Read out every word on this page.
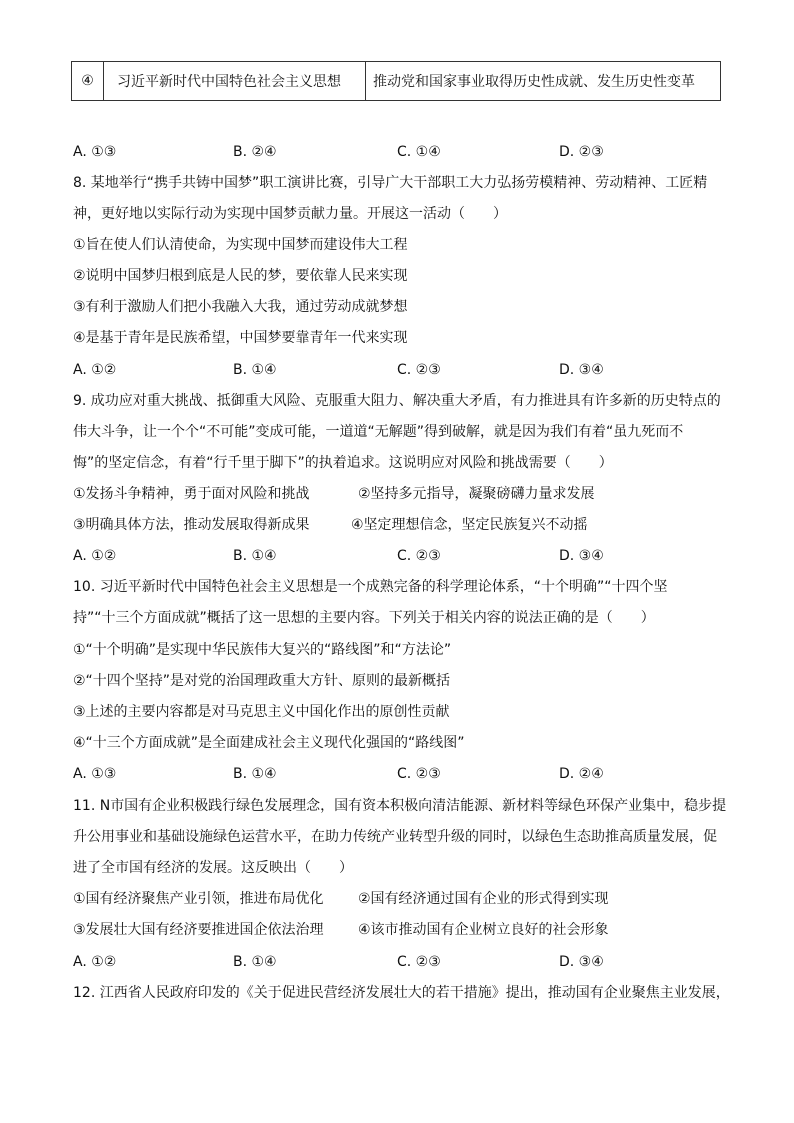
④	习近平新时代中国特色社会主义思想	推动党和国家事业取得历史性成就、发生历史性变革
A. ①③	B. ②④	C. ①④	D. ②③
8. 某地举行“携手共铸中国梦”职工演讲比赛，引导广大干部职工大力弘扬劳模精神、劳动精神、工匠精
神，更好地以实际行动为实现中国梦贡献力量。开展这一活动（　　）
①旨在使人们认清使命，为实现中国梦而建设伟大工程
②说明中国梦归根到底是人民的梦，要依靠人民来实现
③有利于激励人们把小我融入大我，通过劳动成就梦想
④是基于青年是民族希望，中国梦要靠青年一代来实现
A. ①②	B. ①④	C. ②③	D. ③④
9. 成功应对重大挑战、抵御重大风险、克服重大阻力、解决重大矛盾，有力推进具有许多新的历史特点的
伟大斗争，让一个个“不可能”变成可能，一道道“无解题”得到破解，就是因为我们有着“虽九死而不
悔”的坚定信念，有着“行千里于脚下”的执着追求。这说明应对风险和挑战需要（　　）
①发扬斗争精神，勇于面对风险和挑战	②坚持多元指导，凝聚磅礴力量求发展
③明确具体方法，推动发展取得新成果	④坚定理想信念，坚定民族复兴不动摇
A. ①②	B. ①④	C. ②③	D. ③④
10. 习近平新时代中国特色社会主义思想是一个成熟完备的科学理论体系，“十个明确”“十四个坚
持”“十三个方面成就”概括了这一思想的主要内容。下列关于相关内容的说法正确的是（　　）
①“十个明确”是实现中华民族伟大复兴的“路线图”和“方法论”
②“十四个坚持”是对党的治国理政重大方针、原则的最新概括
③上述的主要内容都是对马克思主义中国化作出的原创性贡献
④“十三个方面成就”是全面建成社会主义现代化强国的“路线图”
A. ①③	B. ①④	C. ②③	D. ②④
11. N市国有企业积极践行绿色发展理念，国有资本积极向清洁能源、新材料等绿色环保产业集中，稳步提
升公用事业和基础设施绿色运营水平，在助力传统产业转型升级的同时，以绿色生态助推高质量发展，促
进了全市国有经济的发展。这反映出（　　）
①国有经济聚焦产业引领，推进布局优化 ②国有经济通过国有企业的形式得到实现
③发展壮大国有经济要推进国企依法治理 ④该市推动国有企业树立良好的社会形象
A. ①②	B. ①④	C. ②③	D. ③④
12. 江西省人民政府印发的《关于促进民营经济发展壮大的若干措施》提出，推动国有企业聚焦主业发展，
